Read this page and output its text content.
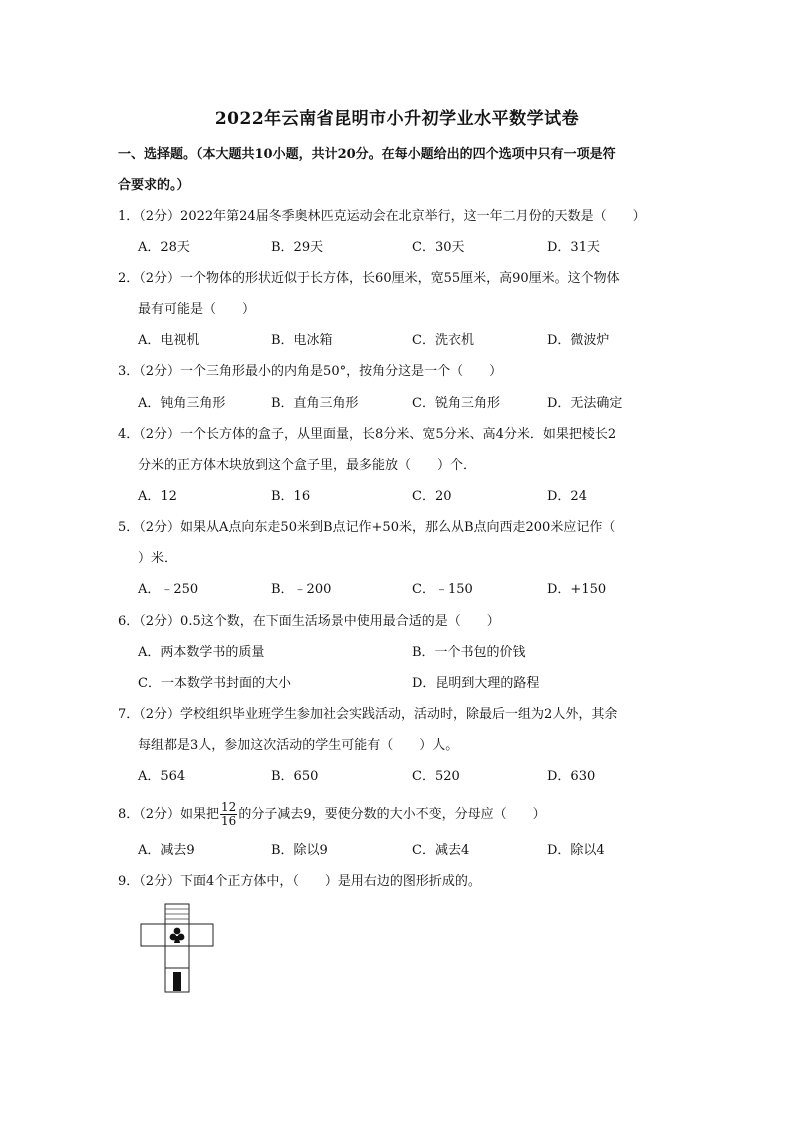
2022年云南省昆明市小升初学业水平数学试卷
一、选择题。（本大题共10小题，共计20分。在每小题给出的四个选项中只有一项是符
合要求的。）
1．（2分）2022年第24届冬季奥林匹克运动会在北京举行，这一年二月份的天数是（　　）
A．28天	B．29天	C．30天	D．31天
2．（2分）一个物体的形状近似于长方体，长60厘米，宽55厘米，高90厘米。这个物体
最有可能是（　　）
A．电视机	B．电冰箱	C．洗衣机	D．微波炉
3．（2分）一个三角形最小的内角是50°，按角分这是一个（　　）
A．钝角三角形	B．直角三角形	C．锐角三角形	D．无法确定
4．（2分）一个长方体的盒子，从里面量，长8分米、宽5分米、高4分米．如果把棱长2
分米的正方体木块放到这个盒子里，最多能放（　　）个．
A．12	B．16	C．20	D．24
5．（2分）如果从A点向东走50米到B点记作+50米，那么从B点向西走200米应记作（
）米．
A．﹣250	B．﹣200	C．﹣150	D．+150
6．（2分）0.5这个数，在下面生活场景中使用最合适的是（　　）
A．两本数学书的质量	B．一个书包的价钱
C．一本数学书封面的大小	D．昆明到大理的路程
7．（2分）学校组织毕业班学生参加社会实践活动，活动时，除最后一组为2人外，其余
每组都是3人，参加这次活动的学生可能有（　　）人。
A．564	B．650	C．520	D．630
8．（2分）如果把 $\frac{12}{16}$ 的分子减去9，要使分数的大小不变，分母应（　　）
A．减去9	B．除以9	C．减去4	D．除以4
9．（2分）下面4个正方体中，（　　）是用右边的图形折成的。
